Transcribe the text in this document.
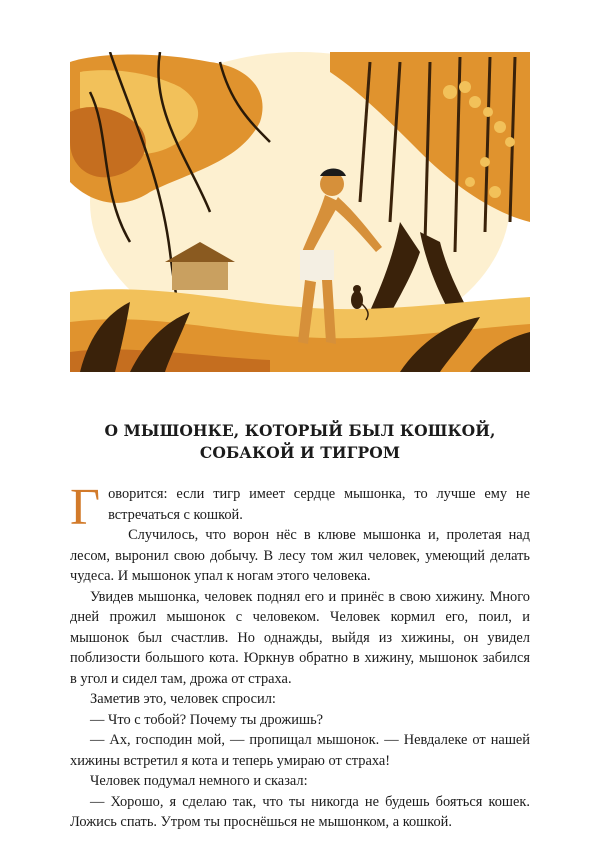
О МЫШОНКЕ, КОТОРЫЙ БЫЛ КОШКОЙ,
СОБАКОЙ И ТИГРОМ

Говорится: если тигр имеет сердце мышонка, то лучше ему не встречаться с кошкой.

Случилось, что ворон нёс в клюве мышонка и, пролетая над лесом, выронил свою добычу. В лесу том жил человек, умеющий делать чудеса. И мышонок упал к ногам этого человека.

Увидев мышонка, человек поднял его и принёс в свою хижину. Много дней прожил мышонок с человеком. Человек кормил его, поил, и мышонок был счастлив. Но однажды, выйдя из хижины, он увидел поблизости большого кота. Юркнув обратно в хижину, мышонок забился в угол и сидел там, дрожа от страха.

Заметив это, человек спросил:

— Что с тобой? Почему ты дрожишь?

— Ах, господин мой, — пропищал мышонок. — Невдалеке от нашей хижины встретил я кота и теперь умираю от страха!

Человек подумал немного и сказал:

— Хорошо, я сделаю так, что ты никогда не будешь бояться кошек. Ложись спать. Утром ты проснёшься не мышонком, а кошкой.
